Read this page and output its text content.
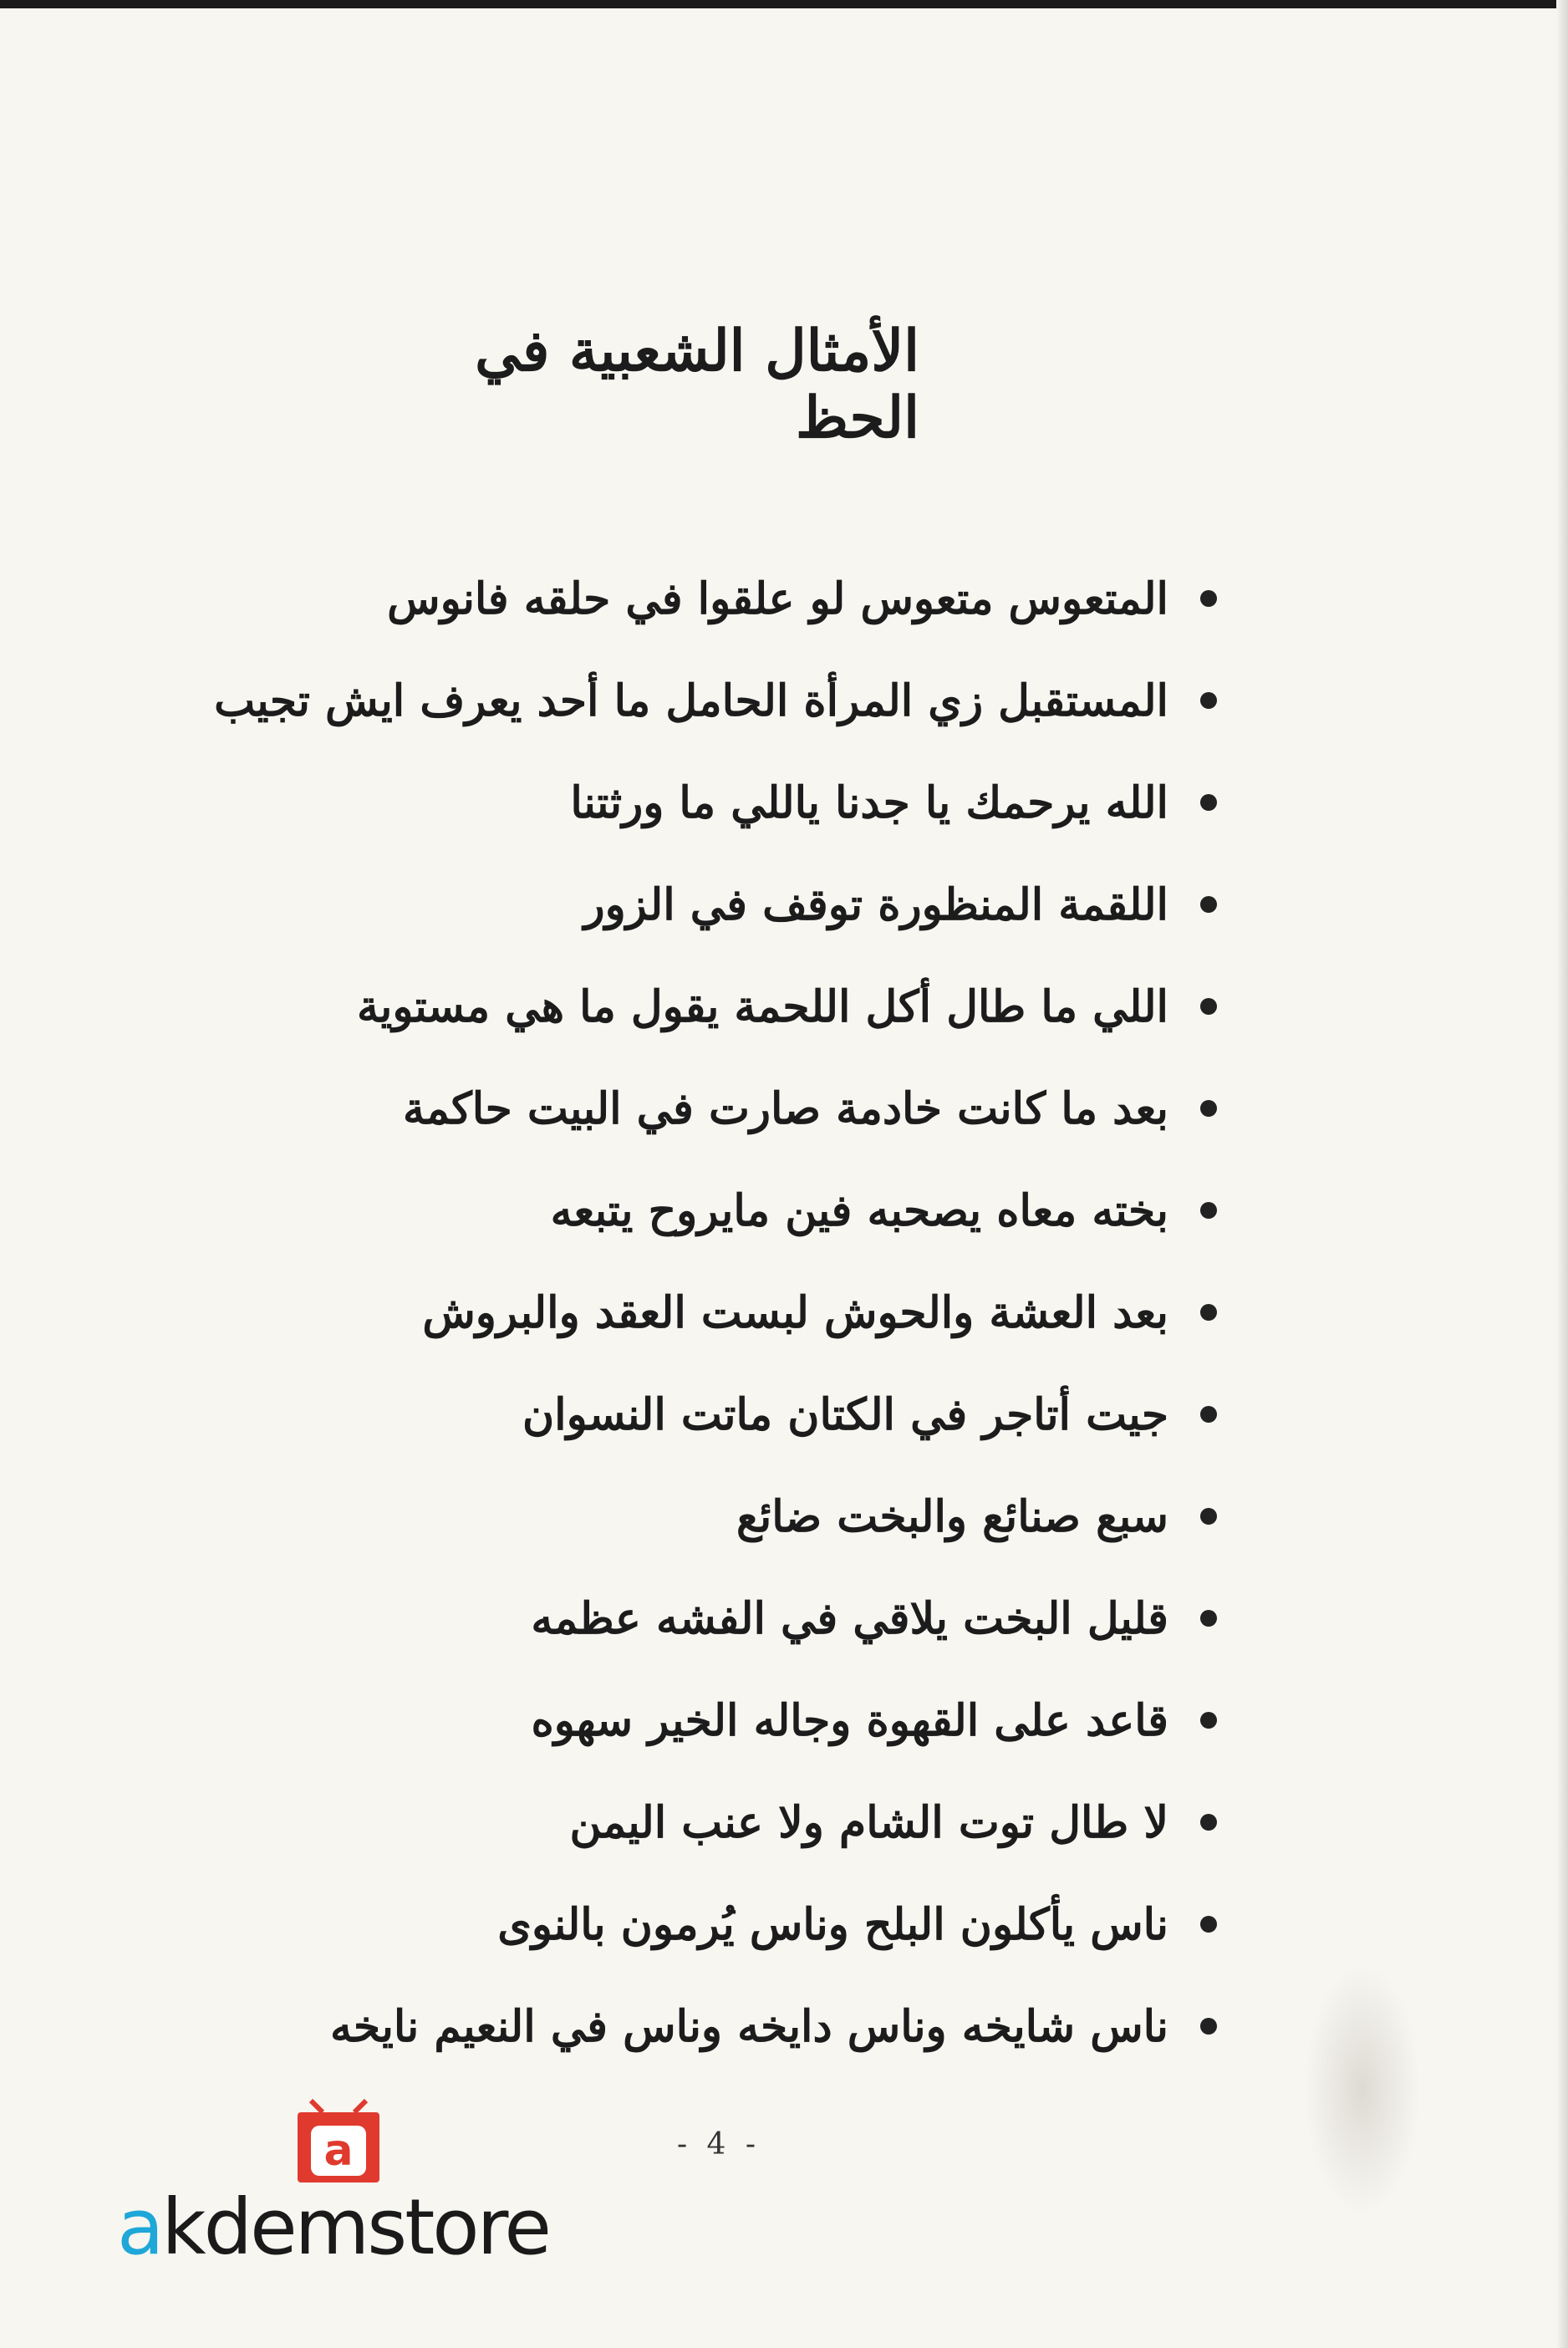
الأمثال الشعبية في الحظ
المتعوس متعوس لو علقوا في حلقه فانوس
المستقبل زي المرأة الحامل ما أحد يعرف ايش تجيب
الله يرحمك يا جدنا ياللي ما ورثتنا
اللقمة المنظورة توقف في الزور
اللي ما طال أكل اللحمة يقول ما هي مستوية
بعد ما كانت خادمة صارت في البيت حاكمة
بخته معاه يصحبه فين مايروح يتبعه
بعد العشة والحوش لبست العقد والبروش
جيت أتاجر في الكتان ماتت النسوان
سبع صنائع والبخت ضائع
قليل البخت يلاقي في الفشه عظمه
قاعد على القهوة وجاله الخير سهوه
لا طال توت الشام ولا عنب اليمن
ناس يأكلون البلح وناس يُرمون بالنوى
ناس شايخه وناس دايخه وناس في النعيم نايخه
- 4 -
a
akdemstore
